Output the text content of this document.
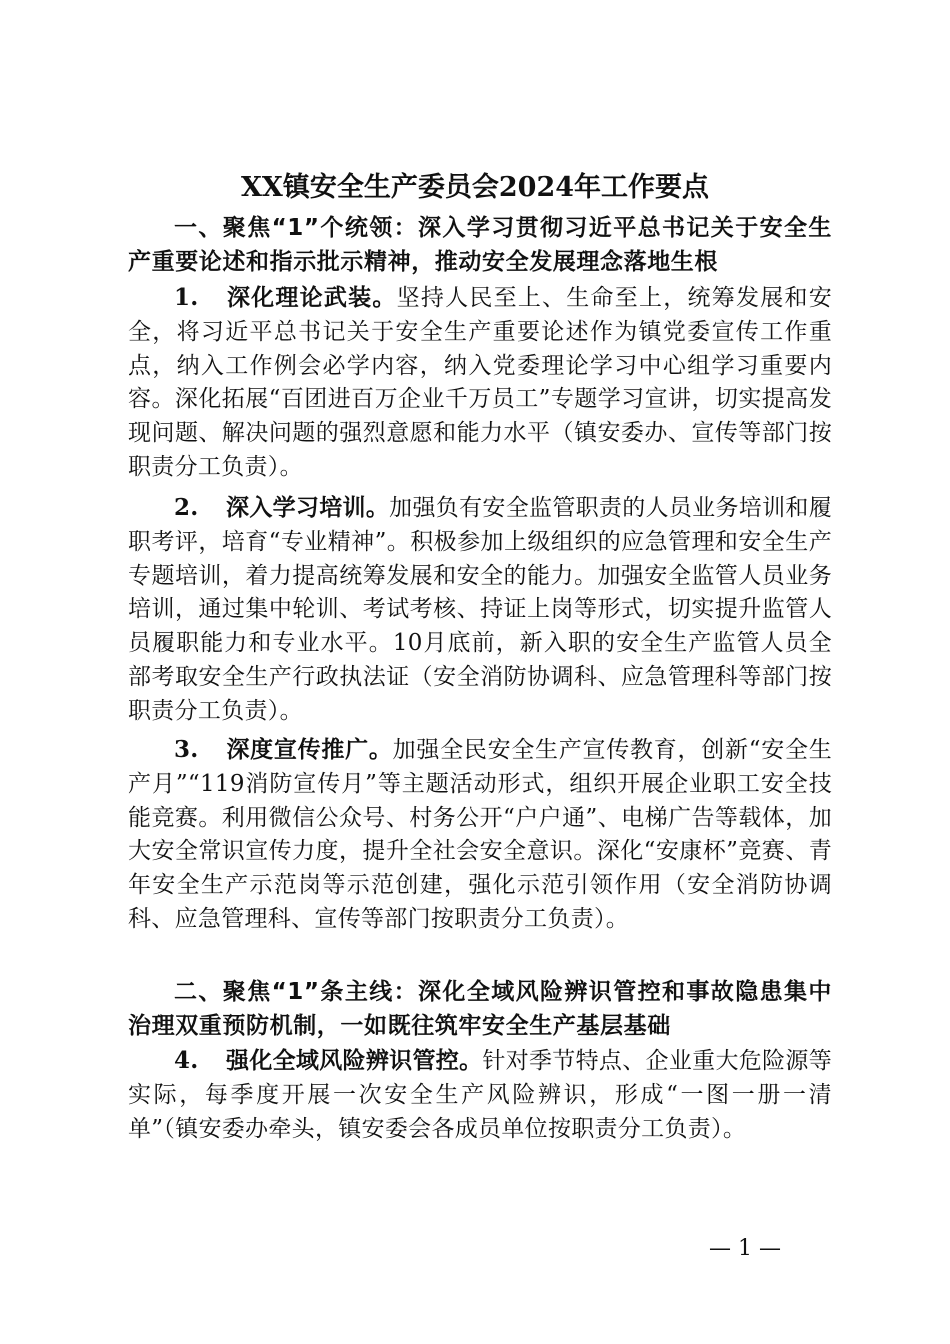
XX镇安全生产委员会2024年工作要点
一、聚焦“1”个统领：深入学习贯彻习近平总书记关于安全生产重要论述和指示批示精神，推动安全发展理念落地生根
1. 深化理论武装。坚持人民至上、生命至上，统筹发展和安全，将习近平总书记关于安全生产重要论述作为镇党委宣传工作重点，纳入工作例会必学内容，纳入党委理论学习中心组学习重要内容。深化拓展“百团进百万企业千万员工”专题学习宣讲，切实提高发现问题、解决问题的强烈意愿和能力水平（镇安委办、宣传等部门按职责分工负责）。
2. 深入学习培训。加强负有安全监管职责的人员业务培训和履职考评，培育“专业精神”。积极参加上级组织的应急管理和安全生产专题培训，着力提高统筹发展和安全的能力。加强安全监管人员业务培训，通过集中轮训、考试考核、持证上岗等形式，切实提升监管人员履职能力和专业水平。10月底前，新入职的安全生产监管人员全部考取安全生产行政执法证（安全消防协调科、应急管理科等部门按职责分工负责）。
3. 深度宣传推广。加强全民安全生产宣传教育，创新“安全生产月”“119消防宣传月”等主题活动形式，组织开展企业职工安全技能竞赛。利用微信公众号、村务公开“户户通”、电梯广告等载体，加大安全常识宣传力度，提升全社会安全意识。深化“安康杯”竞赛、青年安全生产示范岗等示范创建，强化示范引领作用（安全消防协调科、应急管理科、宣传等部门按职责分工负责）。
二、聚焦“1”条主线：深化全域风险辨识管控和事故隐患集中治理双重预防机制，一如既往筑牢安全生产基层基础
4. 强化全域风险辨识管控。针对季节特点、企业重大危险源等实际，每季度开展一次安全生产风险辨识，形成“一图一册一清单”（镇安委办牵头，镇安委会各成员单位按职责分工负责）。
— 1 —
